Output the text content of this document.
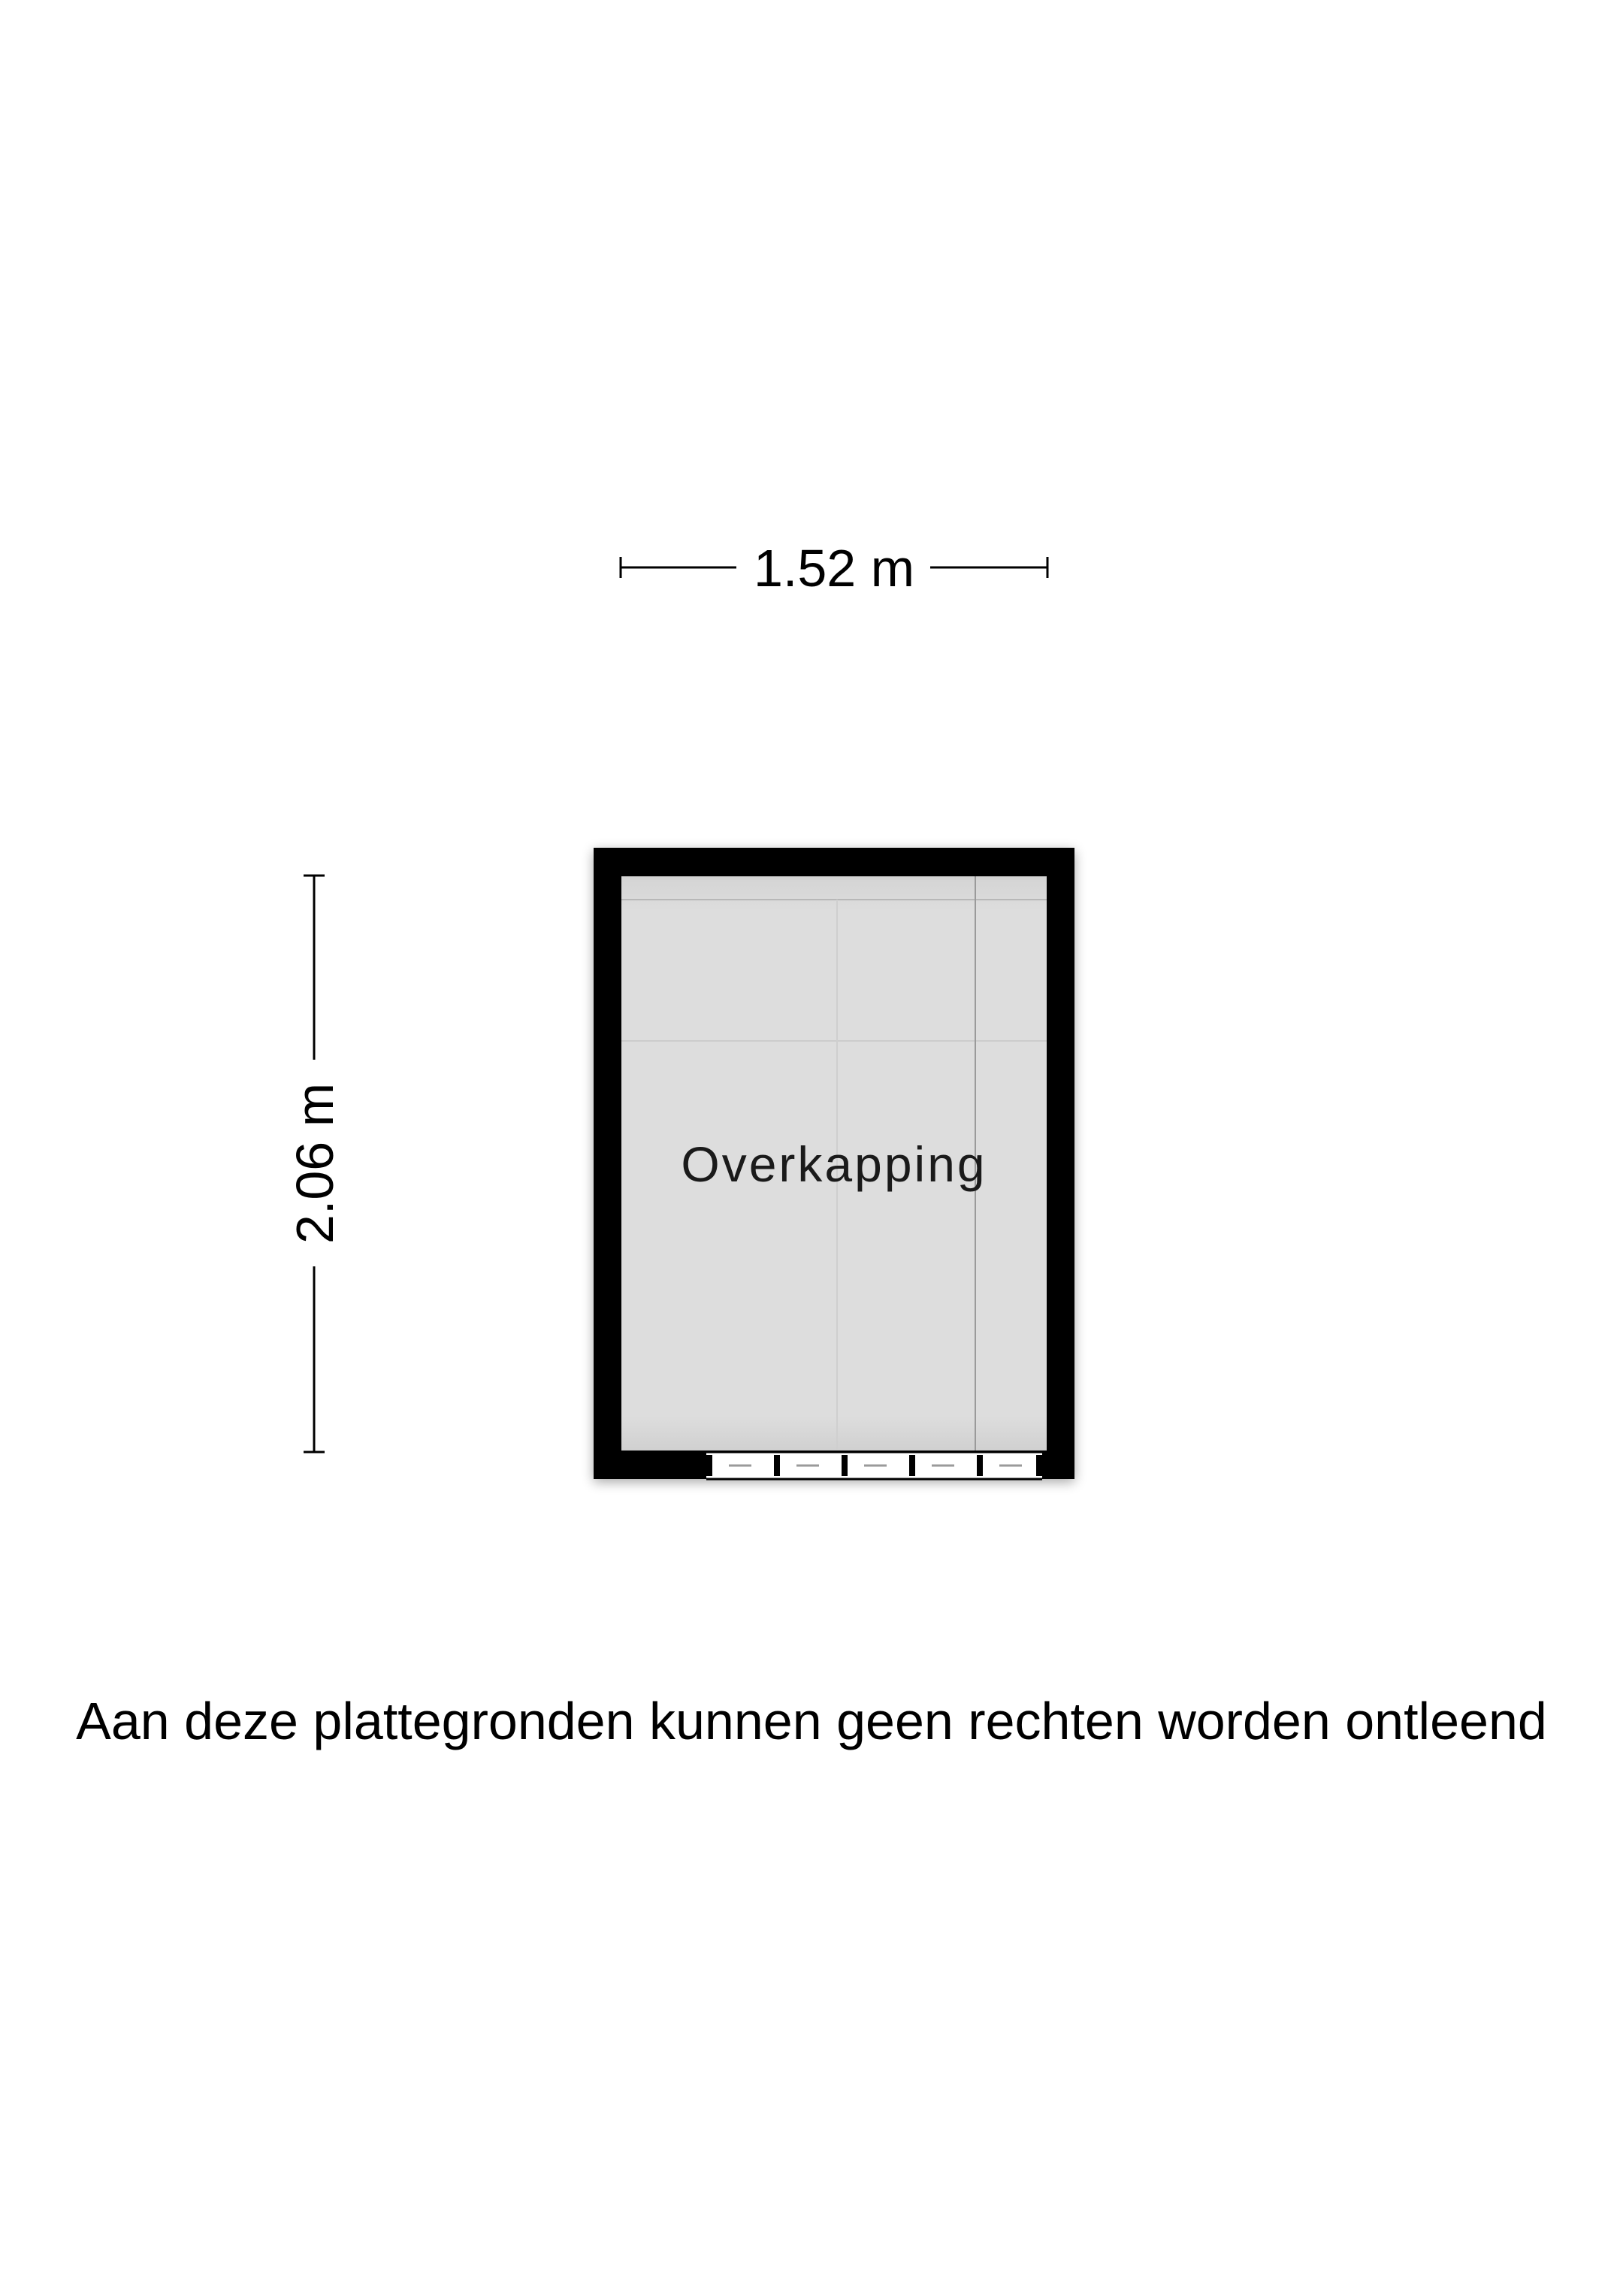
1.52 m
2.06 m	Overkapping
Aan deze plattegronden kunnen geen rechten worden ontleend
